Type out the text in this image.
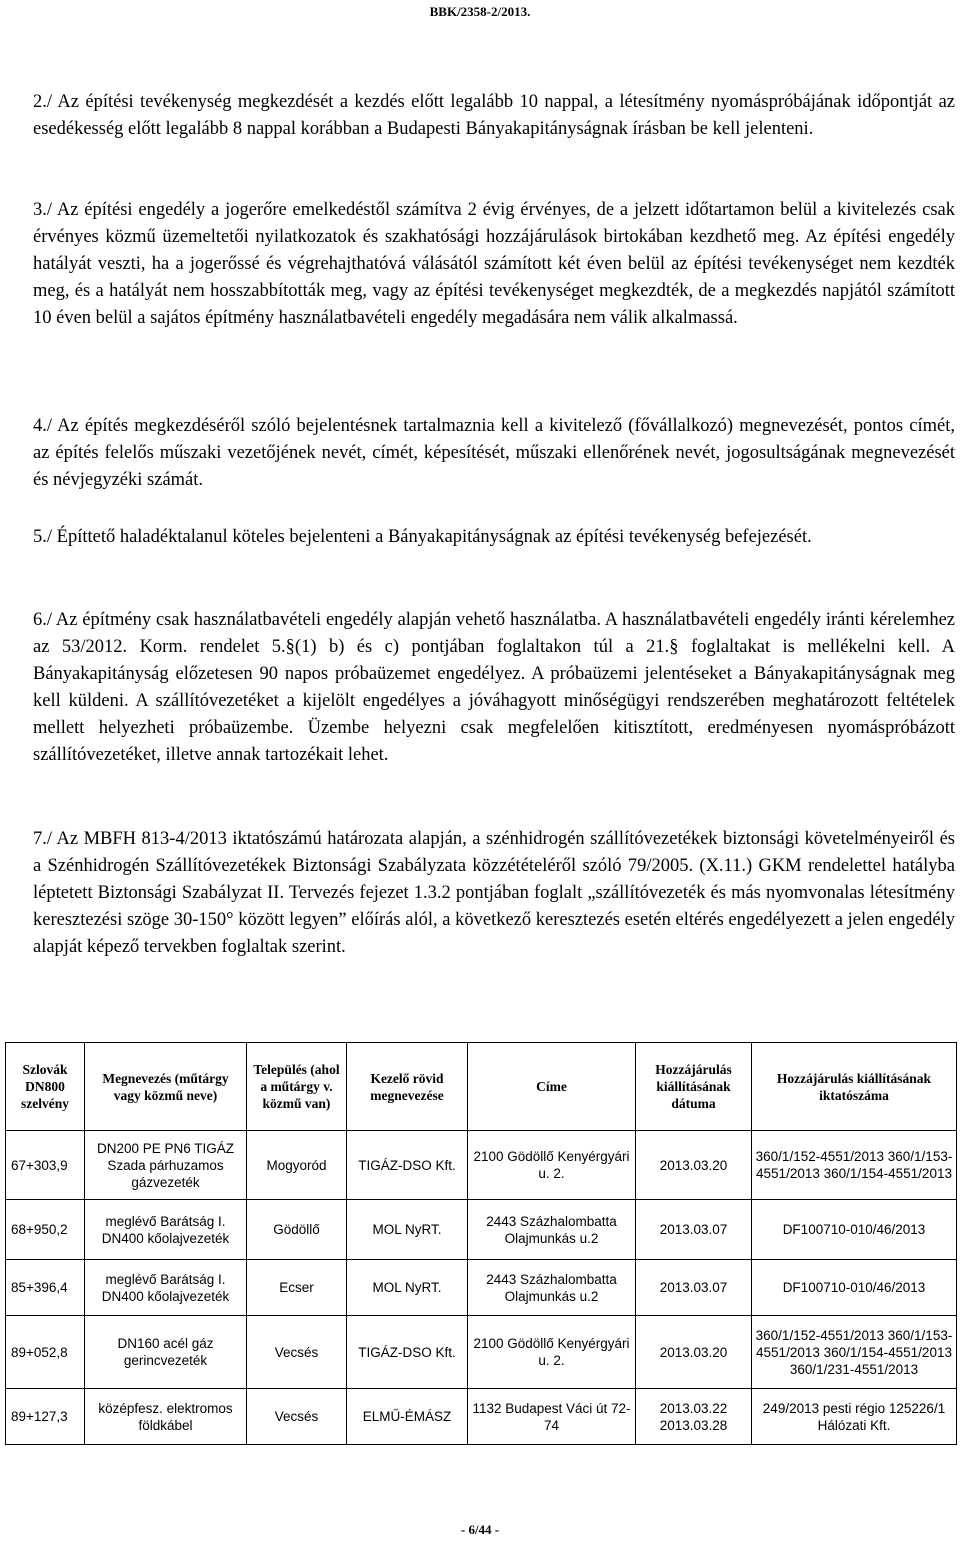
BBK/2358-2/2013.

2./ Az építési tevékenység megkezdését a kezdés előtt legalább 10 nappal, a létesítmény nyomáspróbájának időpontját az esedékesség előtt legalább 8 nappal korábban a Budapesti Bányakapitányságnak írásban be kell jelenteni.

3./ Az építési engedély a jogerőre emelkedéstől számítva 2 évig érvényes, de a jelzett időtartamon belül a kivitelezés csak érvényes közmű üzemeltetői nyilatkozatok és szakhatósági hozzájárulások birtokában kezdhető meg. Az építési engedély hatályát veszti, ha a jogerőssé és végrehajthatóvá válásától számított két éven belül az építési tevékenységet nem kezdték meg, és a hatályát nem hosszabbították meg, vagy az építési tevékenységet megkezdték, de a megkezdés napjától számított 10 éven belül a sajátos építmény használatbavételi engedély megadására nem válik alkalmassá.

4./ Az építés megkezdéséről szóló bejelentésnek tartalmaznia kell a kivitelező (fővállalkozó) megnevezését, pontos címét, az építés felelős műszaki vezetőjének nevét, címét, képesítését, műszaki ellenőrének nevét, jogosultságának megnevezését és névjegyzéki számát.

5./ Építtető haladéktalanul köteles bejelenteni a Bányakapitányságnak az építési tevékenység befejezését.

6./ Az építmény csak használatbavételi engedély alapján vehető használatba. A használatbavételi engedély iránti kérelemhez az 53/2012. Korm. rendelet 5.§(1) b) és c) pontjában foglaltakon túl a 21.§ foglaltakat is mellékelni kell. A Bányakapitányság előzetesen 90 napos próbaüzemet engedélyez. A próbaüzemi jelentéseket a Bányakapitányságnak meg kell küldeni. A szállítóvezetéket a kijelölt engedélyes a jóváhagyott minőségügyi rendszerében meghatározott feltételek mellett helyezheti próbaüzembe. Üzembe helyezni csak megfelelően kitisztított, eredményesen nyomáspróbázott szállítóvezetéket, illetve annak tartozékait lehet.

7./ Az MBFH 813-4/2013 iktatószámú határozata alapján, a szénhidrogén szállítóvezetékek biztonsági követelményeiről és a Szénhidrogén Szállítóvezetékek Biztonsági Szabályzata közzétételéről szóló 79/2005. (X.11.) GKM rendelettel hatályba léptetett Biztonsági Szabályzat II. Tervezés fejezet 1.3.2 pontjában foglalt „szállítóvezeték és más nyomvonalas létesítmény keresztezési szöge 30-150° között legyen” előírás alól, a következő keresztezés esetén eltérés engedélyezett a jelen engedély alapját képező tervekben foglaltak szerint.

Szlovák DN800 szelvény	Megnevezés (műtárgy vagy közmű neve)	Település (ahol a műtárgy v. közmű van)	Kezelő rövid megnevezése	Címe	Hozzájárulás kiállításának dátuma	Hozzájárulás kiállításának iktatószáma
67+303,9	DN200 PE PN6 TIGÁZ Szada párhuzamos gázvezeték	Mogyoród	TIGÁZ-DSO Kft.	2100 Gödöllő Kenyérgyári u. 2.	2013.03.20	360/1/152-4551/2013 360/1/153-4551/2013 360/1/154-4551/2013
68+950,2	meglévő Barátság I. DN400 kőolajvezeték	Gödöllő	MOL NyRT.	2443 Százhalombatta Olajmunkás u.2	2013.03.07	DF100710-010/46/2013
85+396,4	meglévő Barátság I. DN400 kőolajvezeték	Ecser	MOL NyRT.	2443 Százhalombatta Olajmunkás u.2	2013.03.07	DF100710-010/46/2013
89+052,8	DN160 acél gáz gerincvezeték	Vecsés	TIGÁZ-DSO Kft.	2100 Gödöllő Kenyérgyári u. 2.	2013.03.20	360/1/152-4551/2013 360/1/153-4551/2013 360/1/154-4551/2013 360/1/231-4551/2013
89+127,3	középfesz. elektromos földkábel	Vecsés	ELMŰ-ÉMÁSZ	1132 Budapest Váci út 72-74	2013.03.22 2013.03.28	249/2013 pesti régio 125226/1 Hálózati Kft.
- 6/44 -
